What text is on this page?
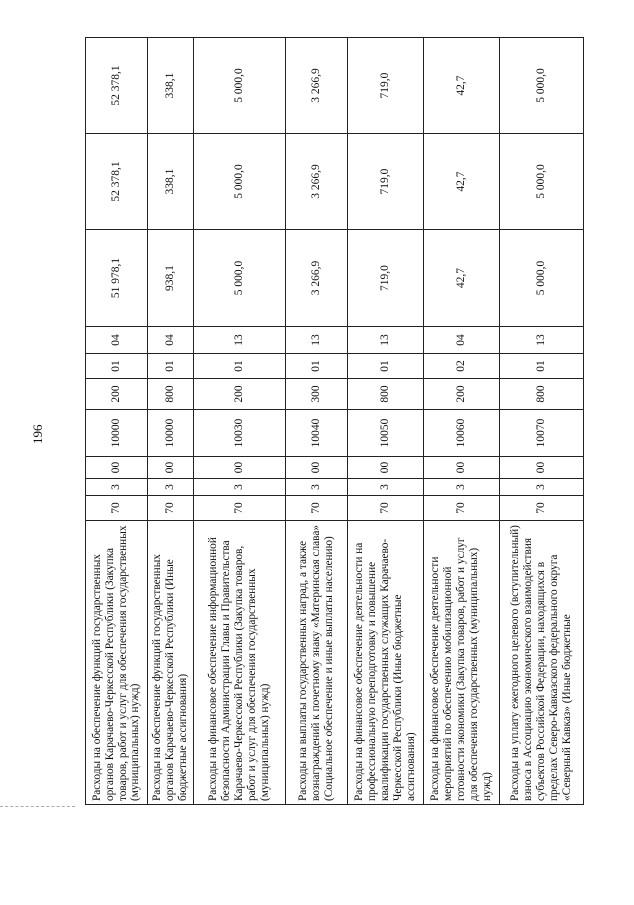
196
Расходы на обеспечение функций государственных органов Карачаево-Черкесской Республики (Закупка товаров, работ и услуг для обеспечения государственных (муниципальных) нужд)	70	3	00	10000	200	01	04	51 978,1	52 378,1	52 378,1
Расходы на обеспечение функций государственных органов Карачаево-Черкесской Республики (Иные бюджетные ассигнования)	70	3	00	10000	800	01	04	938,1	338,1	338,1
Расходы на финансовое обеспечение информационной безопасности Администрации Главы и Правительства Карачаево-Черкесской Республики (Закупка товаров, работ и услуг для обеспечения государственных (муниципальных) нужд)	70	3	00	10030	200	01	13	5 000,0	5 000,0	5 000,0
Расходы на выплаты государственных наград, а также вознаграждений к почетному знаку «Материнская слава» (Социальное обеспечение и иные выплаты населению)	70	3	00	10040	300	01	13	3 266,9	3 266,9	3 266,9
Расходы на финансовое обеспечение деятельности на профессиональную переподготовку и повышение квалификации государственных служащих Карачаево-Черкесской Республики (Иные бюджетные ассигнования)	70	3	00	10050	800	01	13	719,0	719,0	719,0
Расходы на финансовое обеспечение деятельности мероприятий по обеспечению мобилизационной готовности экономики (Закупка товаров, работ и услуг для обеспечения государственных (муниципальных) нужд)	70	3	00	10060	200	02	04	42,7	42,7	42,7
Расходы на уплату ежегодного целевого (вступительный) взноса в Ассоциацию экономического взаимодействия субъектов Российской Федерации, находящихся в пределах Северо-Кавказского федерального округа «Северный Кавказ» (Иные бюджетные	70	3	00	10070	800	01	13	5 000,0	5 000,0	5 000,0
